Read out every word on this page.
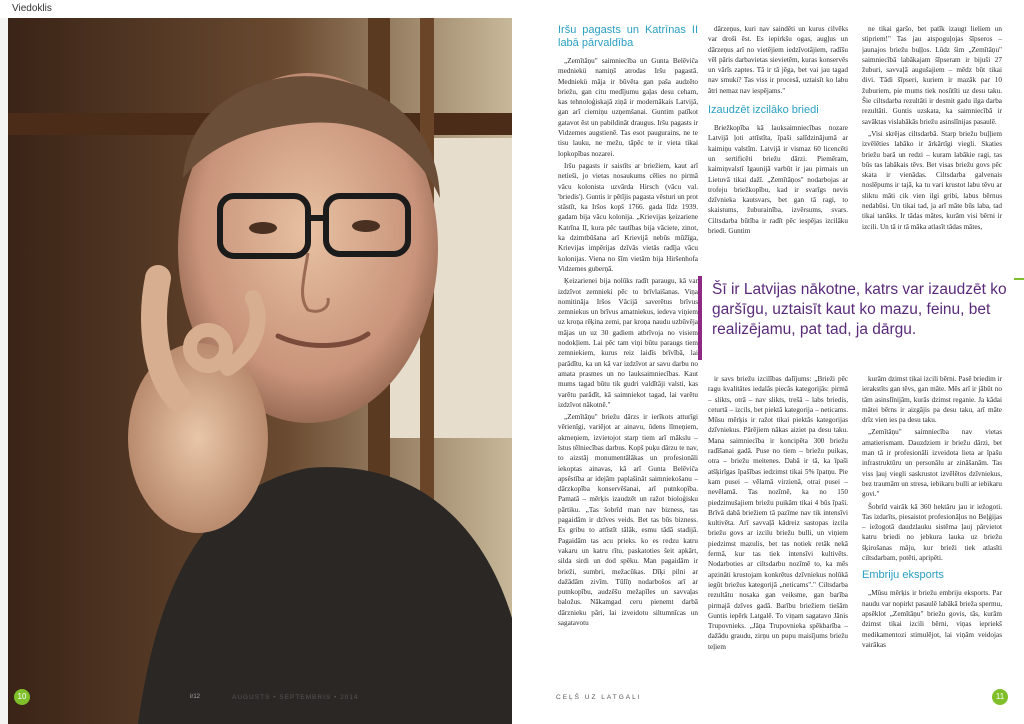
Viedoklis
ir12	AUGUSTS • SEPTEMBRIS • 2014
10
Iršu pagasts un Katrīnas II labā pārvaldība

„Zemītāņu" saimniecība un Gunta Belēviča medniekü namiņš atrodas Iršu pagastā. Medniekü māja ir būvēta gan paša audzēto briežu, gan citu medījumu gaļas desu ceham, kas tehnoloģiskajā ziņā ir modernākais Latvijā, gan arī ciemiņu uzņemšanai. Guntim patīkot gatavot ēst un pabildināt draugus. Iršu pagasts ir Vidzemes augstienē. Tas esot paugurains, ne te tisu lauku, ne mežu, tāpēc te ir vieta tikai lopkopības nozarei.

Iršu pagasts ir saistīts ar briežiem, kaut arī netieši, jo vietas nosaukums cēlies no pirmā vācu kolonista uzvārda Hirsch (vācu val. 'briedis'). Guntis ir pētījis pagasta vēsturi un prot stāstīt, ka Iršos kopš 1766. gada līdz 1939. gadam bija vācu kolonija. „Krievijas ķeizariene Katrīna II, kura pēc tautības bija vāciete, zinot, ka dzimtbūšana arī Krievijā nebūs mūžīga, Krievijas impērijas dzīvās vietās radīja vācu kolonijas. Viena no šīm vietām bija Hiršenhofa Vidzemes guberņā.

Ķeizarienei bija nolūks radīt paraugu, kā var izdzīvot zemnieki pēc to brīvlaišanas. Viņa nomitināja Iršos Vācijā saverētus brīvus zemniekus un brīvus amatniekus, iedeva viņiem uz kroņa rēķina zemi, par kroņa naudu uzbūvēja mājas un uz 30 gadiem atbrīvoja no visiem nodokļiem. Lai pēc tam viņi būtu paraugs tiem zemniekiem, kurus reiz laidīs brīvībā, lai parādītu, ka un kā var izdzīvot ar savu darbu no amata prasmes un no lauksaimniecības. Kaut mums tagad būtu tik gudri valdītāji valsti, kas varētu parādīt, kā saimniekot tagad, lai varētu izdzīvot nākotnē."

„Zemītāņu" briežu dārzs ir ierīkots atturīgi vērienīgi, variējot ar ainavu, ūdens līmeņiem, akmeņiem, izvietojot starp tiem arī mākslu – īstus tēlniecības darbus. Kopš puķu dārzu te nav, to aizstāj monumentālākas un profesionāli iekoptas ainavas, kā arī Gunta Belēviča apsēstība ar idejām paplašināt saimniekošanu – dārzkopība konservēšanai, arī putnkopība. Pamatā – mērķis izaudzēt un ražot bioloģisku pārtiku. „Tas šobrīd man nav bizness, tas pagaidām ir dzīves veids. Bet tas būs bizness. Es gribu to attīstīt tālāk, esmu tādā stadijā. Pagaidām tas acu prieks. ko es redzu katru vakaru un katru rītu, paskatoties šeit apkārt, silda sirdi un dod spēku. Man pagaidām ir brieži, sumbri, mežacūkas. Dīķi pilni ar dažādām zivīm. Tūlīņ nodarbošos arī ar putnkopību, audzēšu mežapīles un savvaļas baložus. Nākamgad ceru pienemt darbā dārznieku pāri, lai izveidotu siltumnīcas un sagatavotu

dārzeņus, kuri nav saindēti un kurus cilvēks var droši ēst. Es iepirkšu ogas, augļus un dārzeņus arī no vietējiem iedzīvotājiem, radīšu vēl pāris darbavietas sievietēm, kuras konservēs un vārīs zaptes. Tā ir tā jēga, bet vai jau tagad nav smuki? Tas viss ir procesā, uztaisīt ko labu ātri nemaz nav iespējams."

Izaudzēt izcilāko briedi

Briežkopība kā lauksaimniecības nozare Latvijā ļoti attīstīta, īpaši salīdzinājumā ar kaimiņu valstīm. Latvijā ir vismaz 60 licencēti un sertificēti briežu dārzi. Piemēram, kaimiņvalstī Igaunijā varbūt ir jau pirmais un Lietuvā tikai dažī. „Zemītāņos" nodarbojas ar trofeju briežkopību, kad ir svarīgs nevis dzīvnieka kautsvars, bet gan tā ragi, to skaistums, žuburainība, izvērsums, svars. Ciltsdarba būtība ir radīt pēc iespējas izcilāku briedi. Guntim

ne tikai garšo, bet patīk izaugt lieliem un stipriem!" Tas jau atspoguļojas šīpseros – jaunajos briežu buļļos. Lūdz šim „Zemītāņu" saimniecībā labākajam šīpseram ir bijuši 27 žuburi, savvaļā augušajiem – mēdz būt tikai divi. Tādi šīpseri, kuriem ir mazāk par 10 žuburiem, pie mums tiek nosūtīti uz desu taku. Šie ciltsdarba rezultāti ir desmit gadu ilga darba rezultāti. Guntis uzskata, ka saimniecībā ir savāktas vislabākās briežu asinslīnijas pasaulē.

„Visi skrējas ciltsdarbā. Starp briežu buļļiem izvēlēties labāko ir ārkārtīgi viegli. Skaties briežu barā un redzi – kuram labākie ragi, tas būs tas labākais tēvs. Bet visas briežu govs pēc skata ir vienādas. Ciltsdarba galvenais noslēpums ir tajā, ka tu vari krustot labu tēvu ar sliktu māti cik vien ilgi gribi, labus bērnus nedabūsi. Un tikai tad, ja arī māte būs laba, tad tikai tanāks. Ir tādas mātes, kurām visi bērni ir izcili. Un tā ir tā māka atlasīt tādas mātes,

Šī ir Latvijas nākotne, katrs var izaudzēt ko garšīgu, uztaisīt kaut ko mazu, feinu, bet realizējamu, pat tad, ja dārgu.

ir savs briežu izcilības dalījums: „Brieži pēc ragu kvalitātes iedalās piecās kategorijās: pirmā – slikts, otrā – nav slikts, trešā – labs briedis, ceturtā – izcils, bet piektā kategorija – neticams. Mūsu mērķis ir ražot tikai piektās kategorijas dzīvniekus. Pārējiem nākas aiziet pa desu taku. Mana saimniecība ir koncipēta 300 briežu radīšanai gadā. Puse no tiem – briežu puikas, otra – briežu meitenes. Dabā ir tā, ka īpaši atšķirīgas īpašības iedzimst tikai 5% īpatņu. Pie kam pusei – vēlamā virzienā, otrai pusei – nevēlamā. Tas nozīmē, ka no 150 piedzimušajiem briežu puikām tikai 4 būs īpaši. Brīvā dabā briežiem tā pazīme nav tik intensīvi kultivēta. Arī savvaļā kādreiz sastopas izcila briežu govs ar izcilu briežu bulli, un viņiem piedzimst mazulis, bet tas notiek retāk nekā fermā, kur tas tiek intensīvi kultivēts. Nodarboties ar ciltsdarbu nozīmē to, ka mēs apzināti krustojam konkrētus dzīvniekus nolūkā iegūt briežus kategorijā „neticams"." Ciltsdarba rezultātu nosaka gan veiksme, gan barība pirmajā dzīves gadā. Barību briežiem tiešām Guntis iepērk Latgalē. To viņam sagatavo Jānis Trupovnieks. „Jāņa Trupovnieka spēkbarība – dažādu graudu, zirņu un pupu maisījums briežu teļiem

kurām dzimst tikai izcili bērni. Pasē briedim ir ierakstīts gan tēvs, gan māte. Mēs arī ir jābūt no tām asinslīnijām, kurās dzimst reganie. Ja kādai mātei bērns ir aizgājis pa desu taku, arī māte drīz vien ies pa desu taku.

„Zemītāņu" saimniecība nav vietas amatierismam. Dauzdziem ir briežu dārzi, bet man tā ir profesionāli izveidota lieta ar īpašu infrastruktūru un personālu ar zināšanām. Tas viss ļauj viegli saskrustot izvēlētos dzīvniekus, bez traumām un stresa, iebikaru bulli ar iebikaru govi."

Šobrīd vairāk kā 360 hektāru jau ir iežogoti. Tas izdarīts, piesaistot profesionāļus no Beļģijas – iežogotā daudzlauku sistēma ļauj pārvietot katru briedi no jebkura lauka uz briežu šķirošanas māju, kur brieži tiek atlasīti ciltsdarbam, potēti, apripēti.

Embriju eksports

„Mūsu mērķis ir briežu embriju eksports. Par naudu var nopirkt pasaulē labākā brieža spermu, apsēklot „Zemītāņu" briežu govis, tās, kurām dzimst tikai izcili bērni, viņas iepriekš medikamentozi stimulējot, lai viņām veidojas vairākas

CEĻŠ UZ LATGALI	11
